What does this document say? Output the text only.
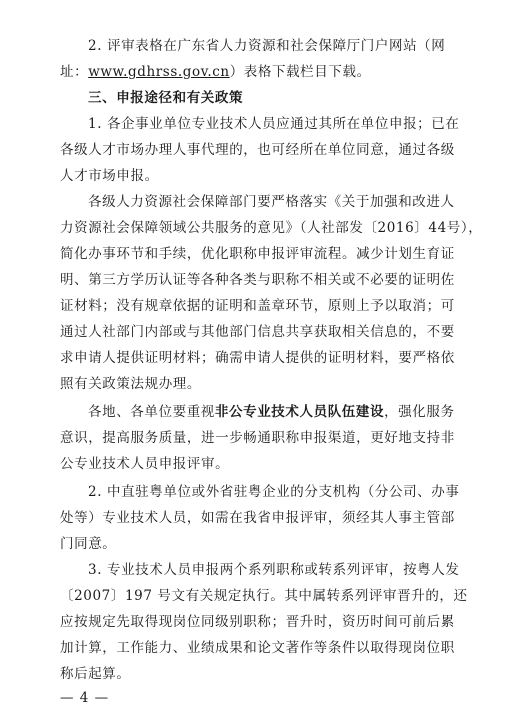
2. 评审表格在广东省人力资源和社会保障厅门户网站（网
址：www.gdhrss.gov.cn）表格下载栏目下载。
三、申报途径和有关政策
1. 各企事业单位专业技术人员应通过其所在单位申报；已在
各级人才市场办理人事代理的，也可经所在单位同意，通过各级
人才市场申报。
各级人力资源社会保障部门要严格落实《关于加强和改进人
力资源社会保障领域公共服务的意见》（人社部发〔2016〕44号），
简化办事环节和手续，优化职称申报评审流程。减少计划生育证
明、第三方学历认证等各种各类与职称不相关或不必要的证明佐
证材料；没有规章依据的证明和盖章环节，原则上予以取消；可
通过人社部门内部或与其他部门信息共享获取相关信息的，不要
求申请人提供证明材料；确需申请人提供的证明材料，要严格依
照有关政策法规办理。
各地、各单位要重视非公专业技术人员队伍建设，强化服务
意识，提高服务质量，进一步畅通职称申报渠道，更好地支持非
公专业技术人员申报评审。
2. 中直驻粤单位或外省驻粤企业的分支机构（分公司、办事
处等）专业技术人员，如需在我省申报评审，须经其人事主管部
门同意。
3. 专业技术人员申报两个系列职称或转系列评审，按粤人发
〔2007〕197 号文有关规定执行。其中属转系列评审晋升的，还
应按规定先取得现岗位同级别职称；晋升时，资历时间可前后累
加计算，工作能力、业绩成果和论文著作等条件以取得现岗位职
称后起算。
— 4 —
